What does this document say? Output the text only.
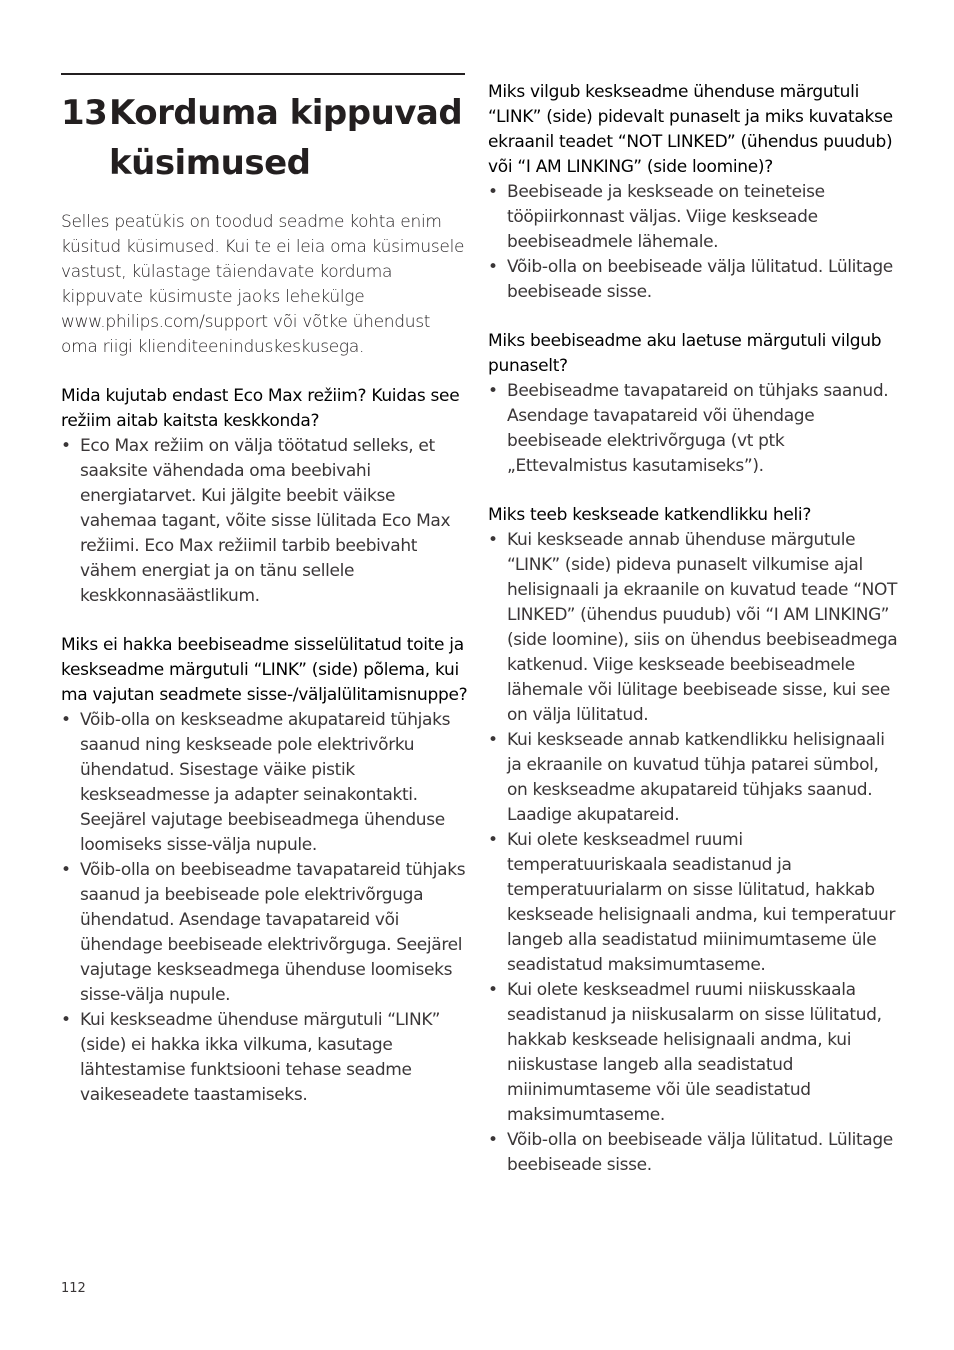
13 Korduma kippuvad küsimused

Selles peatükis on toodud seadme kohta enim küsitud küsimused. Kui te ei leia oma küsimusele vastust, külastage täiendavate korduma kippuvate küsimuste jaoks lehekülge www.philips.com/support või võtke ühendust oma riigi klienditeeninduskeskusega.

Mida kujutab endast Eco Max režiim? Kuidas see režiim aitab kaitsta keskkonda?
• Eco Max režiim on välja töötatud selleks, et saaksite vähendada oma beebivahi energiatarvet. Kui jälgite beebit väikse vahemaa tagant, võite sisse lülitada Eco Max režiimi. Eco Max režiimil tarbib beebivaht vähem energiat ja on tänu sellele keskkonnasäästlikum.
Miks ei hakka beebiseadme sisselülitatud toite ja keskseadme märgutuli “LINK” (side) põlema, kui ma vajutan seadmete sisse-/väljalülitamisnuppe?
• Võib-olla on keskseadme akupatareid tühjaks saanud ning keskseade pole elektrivõrku ühendatud. Sisestage väike pistik keskseadmesse ja adapter seinakontakti. Seejärel vajutage beebiseadmega ühenduse loomiseks sisse-välja nupule.
• Võib-olla on beebiseadme tavapatareid tühjaks saanud ja beebiseade pole elektrivõrguga ühendatud. Asendage tavapatareid või ühendage beebiseade elektrivõrguga. Seejärel vajutage keskseadmega ühenduse loomiseks sisse-välja nupule.
• Kui keskseadme ühenduse märgutuli “LINK” (side) ei hakka ikka vilkuma, kasutage lähtestamise funktsiooni tehase seadme vaikeseadete taastamiseks.
Miks vilgub keskseadme ühenduse märgutuli “LINK” (side) pidevalt punaselt ja miks kuvatakse ekraanil teadet “NOT LINKED” (ühendus puudub) või “I AM LINKING” (side loomine)?
• Beebiseade ja keskseade on teineteise tööpiirkonnast väljas. Viige keskseade beebiseadmele lähemale.
• Võib-olla on beebiseade välja lülitatud. Lülitage beebiseade sisse.
Miks beebiseadme aku laetuse märgutuli vilgub punaselt?
• Beebiseadme tavapatareid on tühjaks saanud. Asendage tavapatareid või ühendage beebiseade elektrivõrguga (vt ptk „Ettevalmistus kasutamiseks”).
Miks teeb keskseade katkendlikku heli?
• Kui keskseade annab ühenduse märgutule “LINK” (side) pideva punaselt vilkumise ajal helisignaali ja ekraanile on kuvatud teade “NOT LINKED” (ühendus puudub) või “I AM LINKING” (side loomine), siis on ühendus beebiseadmega katkenud. Viige keskseade beebiseadmele lähemale või lülitage beebiseade sisse, kui see on välja lülitatud.
• Kui keskseade annab katkendlikku helisignaali ja ekraanile on kuvatud tühja patarei sümbol, on keskseadme akupatareid tühjaks saanud. Laadige akupatareid.
• Kui olete keskseadmel ruumi temperatuuriskaala seadistanud ja temperatuurialarm on sisse lülitatud, hakkab keskseade helisignaali andma, kui temperatuur langeb alla seadistatud miinimumtaseme üle seadistatud maksimumtaseme.
• Kui olete keskseadmel ruumi niiskusskaala seadistanud ja niiskusalarm on sisse lülitatud, hakkab keskseade helisignaali andma, kui niiskustase langeb alla seadistatud miinimumtaseme või üle seadistatud maksimumtaseme.
• Võib-olla on beebiseade välja lülitatud. Lülitage beebiseade sisse.
112
